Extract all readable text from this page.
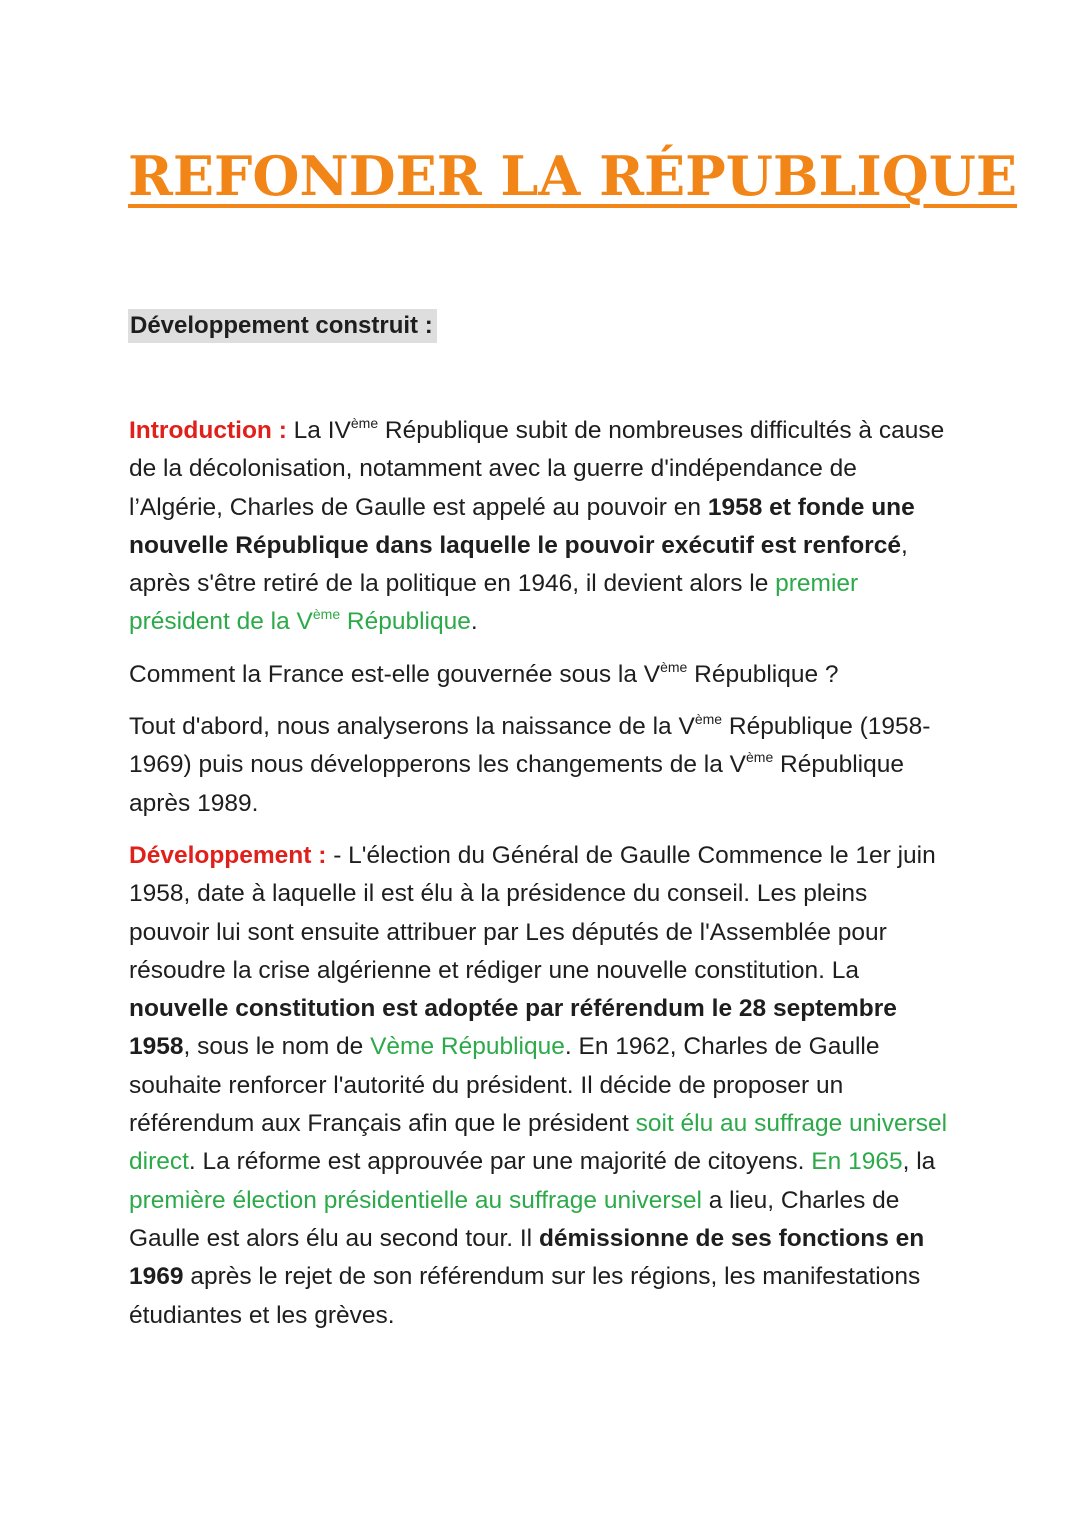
REFONDER LA RÉPUBLIQUE
Développement construit :

Introduction : La IVème République subit de nombreuses difficultés à cause de la décolonisation, notamment avec la guerre d'indépendance de l’Algérie, Charles de Gaulle est appelé au pouvoir en 1958 et fonde une nouvelle République dans laquelle le pouvoir exécutif est renforcé, après s'être retiré de la politique en 1946, il devient alors le premier président de la Vème République.

Comment la France est-elle gouvernée sous la Vème République ?

Tout d'abord, nous analyserons la naissance de la Vème République (1958-1969) puis nous développerons les changements de la Vème République après 1989.

Développement : - L'élection du Général de Gaulle Commence le 1er juin 1958, date à laquelle il est élu à la présidence du conseil. Les pleins pouvoir lui sont ensuite attribuer par Les députés de l'Assemblée pour résoudre la crise algérienne et rédiger une nouvelle constitution. La nouvelle constitution est adoptée par référendum le 28 septembre 1958, sous le nom de Vème République. En 1962, Charles de Gaulle souhaite renforcer l'autorité du président. Il décide de proposer un référendum aux Français afin que le président soit élu au suffrage universel direct. La réforme est approuvée par une majorité de citoyens. En 1965, la première élection présidentielle au suffrage universel a lieu, Charles de Gaulle est alors élu au second tour. Il démissionne de ses fonctions en 1969 après le rejet de son référendum sur les régions, les manifestations étudiantes et les grèves.
